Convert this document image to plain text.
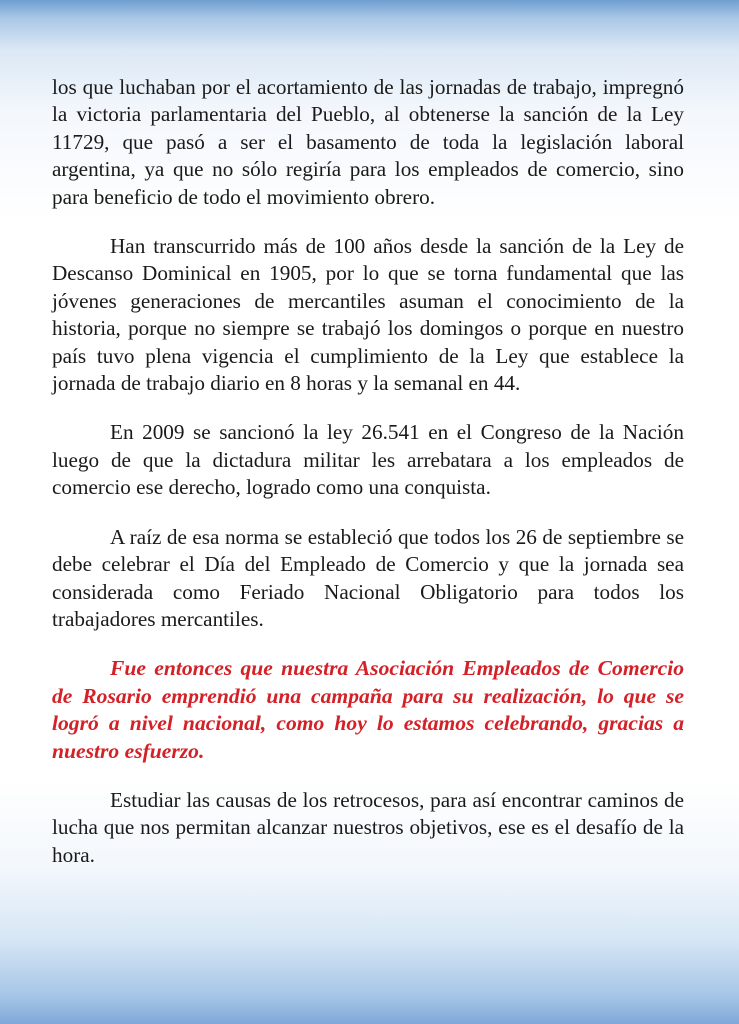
los que luchaban por el acortamiento de las jornadas de trabajo, impregnó la victoria parlamentaria del Pueblo, al obtenerse la sanción de la Ley 11729, que pasó a ser el basamento de toda la legislación laboral argentina, ya que no sólo regiría para los empleados de comercio, sino para beneficio de todo el movimiento obrero.

Han transcurrido más de 100 años desde la sanción de la Ley de Descanso Dominical en 1905, por lo que se torna fundamental que las jóvenes generaciones de mercantiles asuman el conocimiento de la historia, porque no siempre se trabajó los domingos o porque en nuestro país tuvo plena vigencia el cumplimiento de la Ley que establece la jornada de trabajo diario en 8 horas y la semanal en 44.

En 2009 se sancionó la ley 26.541 en el Congreso de la Nación luego de que la dictadura militar les arrebatara a los empleados de comercio ese derecho, logrado como una conquista.

A raíz de esa norma se estableció que todos los 26 de septiembre se debe celebrar el Día del Empleado de Comercio y que la jornada sea considerada como Feriado Nacional Obligatorio para todos los trabajadores mercantiles.

Fue entonces que nuestra Asociación Empleados de Comercio de Rosario emprendió una campaña para su realización, lo que se logró a nivel nacional, como hoy lo estamos celebrando, gracias a nuestro esfuerzo.

Estudiar las causas de los retrocesos, para así encontrar caminos de lucha que nos permitan alcanzar nuestros objetivos, ese es el desafío de la hora.
